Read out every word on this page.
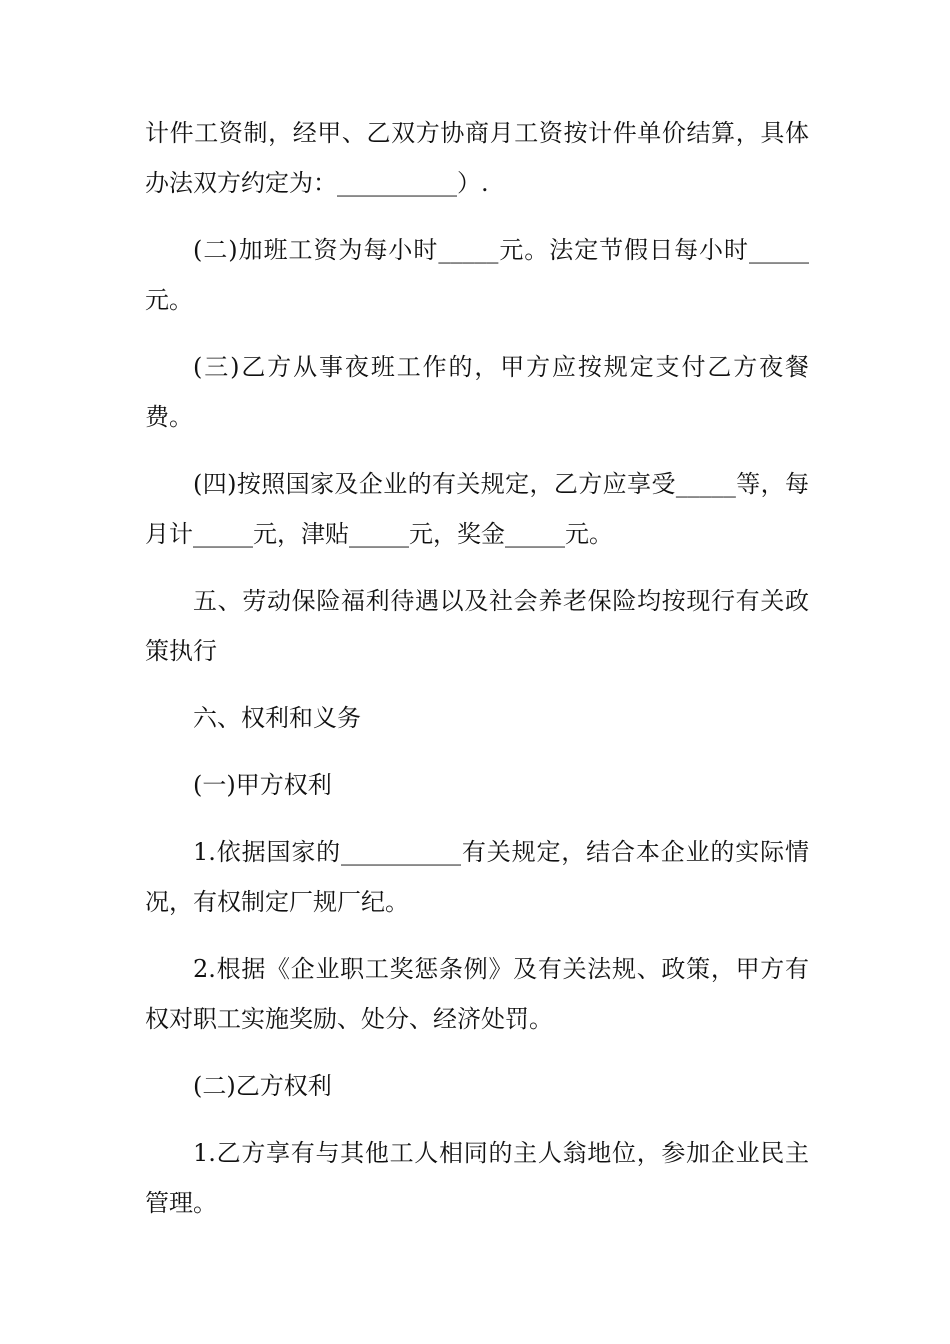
计件工资制，经甲、乙双方协商月工资按计件单价结算，具体办法双方约定为：__________）.

(二)加班工资为每小时_____元。法定节假日每小时_____元。

(三)乙方从事夜班工作的，甲方应按规定支付乙方夜餐费。

(四)按照国家及企业的有关规定，乙方应享受_____等，每月计_____元，津贴_____元，奖金_____元。

五、劳动保险福利待遇以及社会养老保险均按现行有关政策执行

六、权利和义务

(一)甲方权利

1.依据国家的__________有关规定，结合本企业的实际情况，有权制定厂规厂纪。

2.根据《企业职工奖惩条例》及有关法规、政策，甲方有权对职工实施奖励、处分、经济处罚。

(二)乙方权利

1.乙方享有与其他工人相同的主人翁地位，参加企业民主管理。
